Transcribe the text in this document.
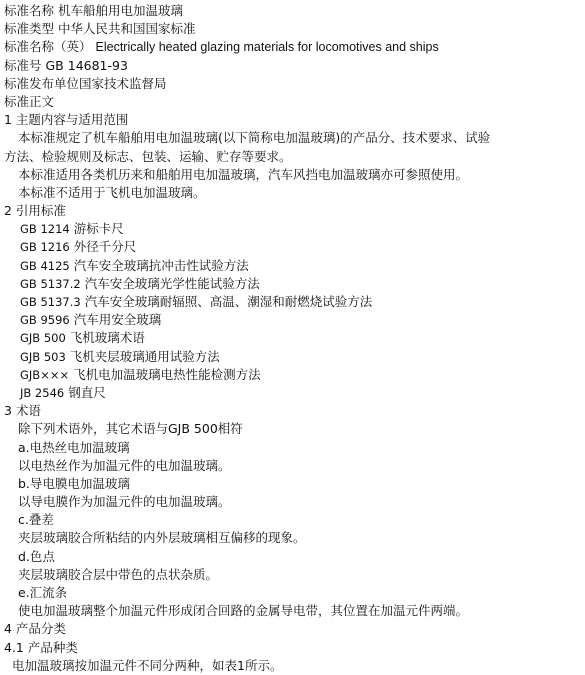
标准名称 机车船舶用电加温玻璃
标准类型 中华人民共和国国家标准
标准名称（英） Electrically heated glazing materials for locomotives and ships
标准号 GB 14681-93
标准发布单位国家技术监督局
标准正文
1 主题内容与适用范围
本标准规定了机车船舶用电加温玻璃(以下简称电加温玻璃)的产品分、技术要求、试验
方法、检验规则及标志、包装、运输、贮存等要求。
本标准适用各类机历来和船舶用电加温玻璃，汽车风挡电加温玻璃亦可参照使用。
本标准不适用于飞机电加温玻璃。
2 引用标准
GB 1214 游标卡尺
GB 1216 外径千分尺
GB 4125 汽车安全玻璃抗冲击性试验方法
GB 5137.2 汽车安全玻璃光学性能试验方法
GB 5137.3 汽车安全玻璃耐辐照、高温、潮湿和耐燃烧试验方法
GB 9596 汽车用安全玻璃
GJB 500 飞机玻璃术语
GJB 503 飞机夹层玻璃通用试验方法
GJB××× 飞机电加温玻璃电热性能检测方法
JB 2546 钢直尺
3 术语
除下列术语外，其它术语与GJB 500相符
a.电热丝电加温玻璃
以电热丝作为加温元件的电加温玻璃。
b.导电膜电加温玻璃
以导电膜作为加温元件的电加温玻璃。
c.叠差
夹层玻璃胶合所粘结的内外层玻璃相互偏移的现象。
d.色点
夹层玻璃胶合层中带色的点状杂质。
e.汇流条
使电加温玻璃整个加温元件形成闭合回路的金属导电带，其位置在加温元件两端。
4 产品分类
4.1 产品种类
电加温玻璃按加温元件不同分两种，如表1所示。
